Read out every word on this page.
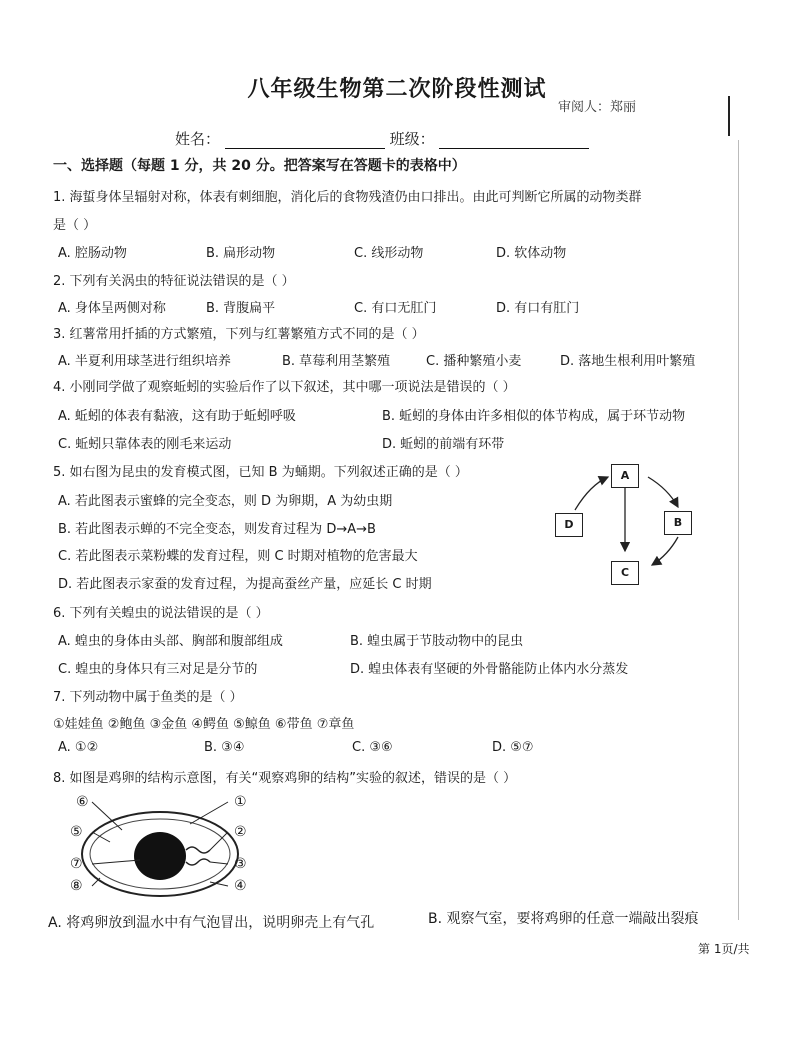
八年级生物第二次阶段性测试
审阅人：郑丽
姓名：	班级：
一、选择题（每题 1 分，共 20 分。把答案写在答题卡的表格中）
1. 海蜇身体呈辐射对称，体表有刺细胞，消化后的食物残渣仍由口排出。由此可判断它所属的动物类群
是（ ）
A. 腔肠动物	B. 扁形动物	C. 线形动物	D. 软体动物
2. 下列有关涡虫的特征说法错误的是（ ）
A. 身体呈两侧对称	B. 背腹扁平	C. 有口无肛门	D. 有口有肛门
3. 红薯常用扦插的方式繁殖，下列与红薯繁殖方式不同的是（ ）
A. 半夏利用球茎进行组织培养	B. 草莓利用茎繁殖	C. 播种繁殖小麦	D. 落地生根利用叶繁殖
4. 小刚同学做了观察蚯蚓的实验后作了以下叙述，其中哪一项说法是错误的（ ）
A. 蚯蚓的体表有黏液，这有助于蚯蚓呼吸	B. 蚯蚓的身体由许多相似的体节构成，属于环节动物
C. 蚯蚓只靠体表的刚毛来运动	D. 蚯蚓的前端有环带
5. 如右图为昆虫的发育模式图，已知 B 为蛹期。下列叙述正确的是（ ）
A. 若此图表示蜜蜂的完全变态，则 D 为卵期，A 为幼虫期
B. 若此图表示蝉的不完全变态，则发育过程为 D→A→B
C. 若此图表示菜粉蝶的发育过程，则 C 时期对植物的危害最大
D. 若此图表示家蚕的发育过程，为提高蚕丝产量，应延长 C 时期
A
B
C
D
6. 下列有关蝗虫的说法错误的是（ ）
A. 蝗虫的身体由头部、胸部和腹部组成	B. 蝗虫属于节肢动物中的昆虫
C. 蝗虫的身体只有三对足是分节的	D. 蝗虫体表有坚硬的外骨骼能防止体内水分蒸发
7. 下列动物中属于鱼类的是（ ）
①娃娃鱼 ②鲍鱼 ③金鱼 ④鳄鱼 ⑤鲸鱼 ⑥带鱼 ⑦章鱼
A. ①②	B. ③④	C. ③⑥	D. ⑤⑦
8. 如图是鸡卵的结构示意图，有关“观察鸡卵的结构”实验的叙述，错误的是（ ）
⑥	①
⑤	②
⑦	③
⑧	④
A. 将鸡卵放到温水中有气泡冒出，说明卵壳上有气孔	B. 观察气室，要将鸡卵的任意一端敲出裂痕
第 1页/共
